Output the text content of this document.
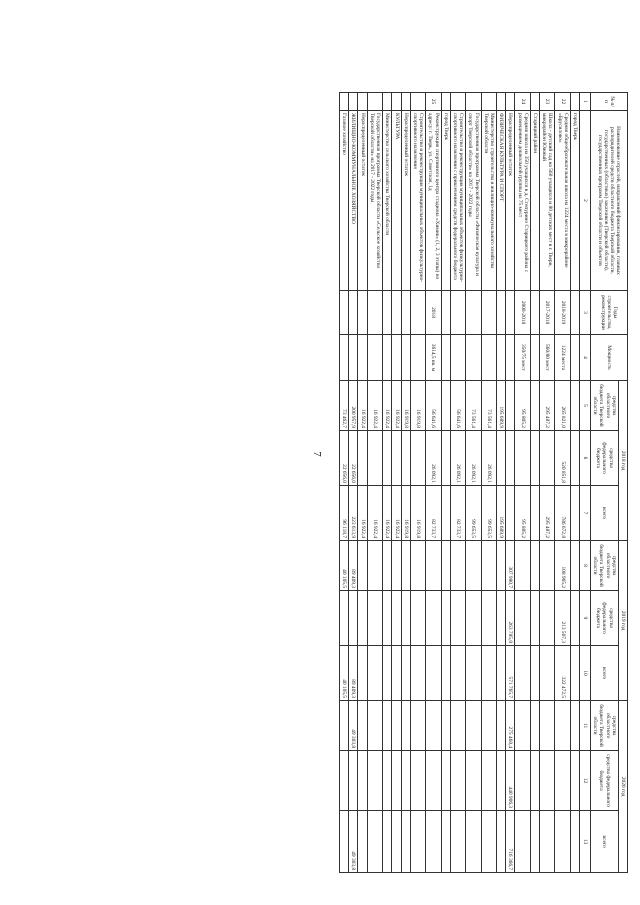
7
№ п/п	Наименование отраслей, направлений финансирования, главных распорядителей средств областного бюджета Тверской области, государственных (областных) заказчиков (Тверской области), государственных программ Тверской области и объектов	Годы строительства, реконструкции	Мощность	2018 год			2019 год			2020 год		
				средства областного бюджета Тверской области	средства федерального бюджета	всего	средства областного бюджета Тверской области	средства федерального бюджета	всего	средства областного бюджета Тверской области	средства федерального бюджета	всего
1	2	3	4	5	6	7	8	9	10	11	12	13
	город Тверь											
22	Средняя общеобразовательная школа на 1224 места в микрорайоне «Брусилово»	2018-2019	1224 места	265 821,0	520 851,8	786 672,8	108 965,2	213 507,3	322 472,5			
23	Школа - детский сад на 560 учащихся и 80 детских мест в г. Твери, микрорайон Южный	2017-2018	560/80 мест	295 487,2		295 487,2						
	Старицкий район											
24	Средняя школа на 350 учащихся в д. Степурино Старицкого района с размещением дошкольной группы на 75 мест	2008-2018	350/75 мест	95 805,2		95 805,2						
	Нераспределенный остаток						307 980,7	263 785,0	571 765,7	275 460,4	440 906,3	716 366,7
	ФИЗИЧЕСКАЯ КУЛЬТУРА И СПОРТ			195 689,9		195 689,9						
	Министерство строительства и жилищно-коммунального хозяйства Тверской области			73 561,4	26 092,1	99 653,5						
	Государственная программа Тверской области «Физическая культура и спорт Тверской области» на 2017 - 2022 годы			73 561,4	26 092,1	99 653,5						
	Строительство и реконструкция муниципальных объектов физкультурно-спортивного назначения с привлечением средств федерального бюджета			56 641,6	26 092,1	82 733,7						
	город Тверь											
25	Реконструкция спортивного центра стадиона «Химик» (1, 2, 3 этапы) по адресу: г. Тверь, ул. Советская, 1д	2018	3614,5 кв. м	56 641,6	26 092,1	82 733,7						
	Строительство и реконструкция муниципальных объектов физкультурно-спортивного назначения			16 919,8		16 919,8						
	Нераспределенный остаток			16 919,8		16 919,8						
	КУЛЬТУРА			16 922,4		16 922,4						
	Министерство сельского хозяйства Тверской области			16 922,4		16 922,4						
	Государственная программа Тверской области «Сельское хозяйство Тверской области» на 2017 - 2022 годы			16 922,4		16 922,4						
	Нераспределенный остаток			16 922,4		16 922,4						
	ЖИЛИЩНО-КОММУНАЛЬНОЕ ХОЗЯЙСТВО			200 957,9	22 656,0	223 613,9	89 409,3		89 409,3	49 303,8		49 303,8
	Газовое хозяйство			73 462,7	22 656,0	96 118,7	40 105,5		40 105,5			
